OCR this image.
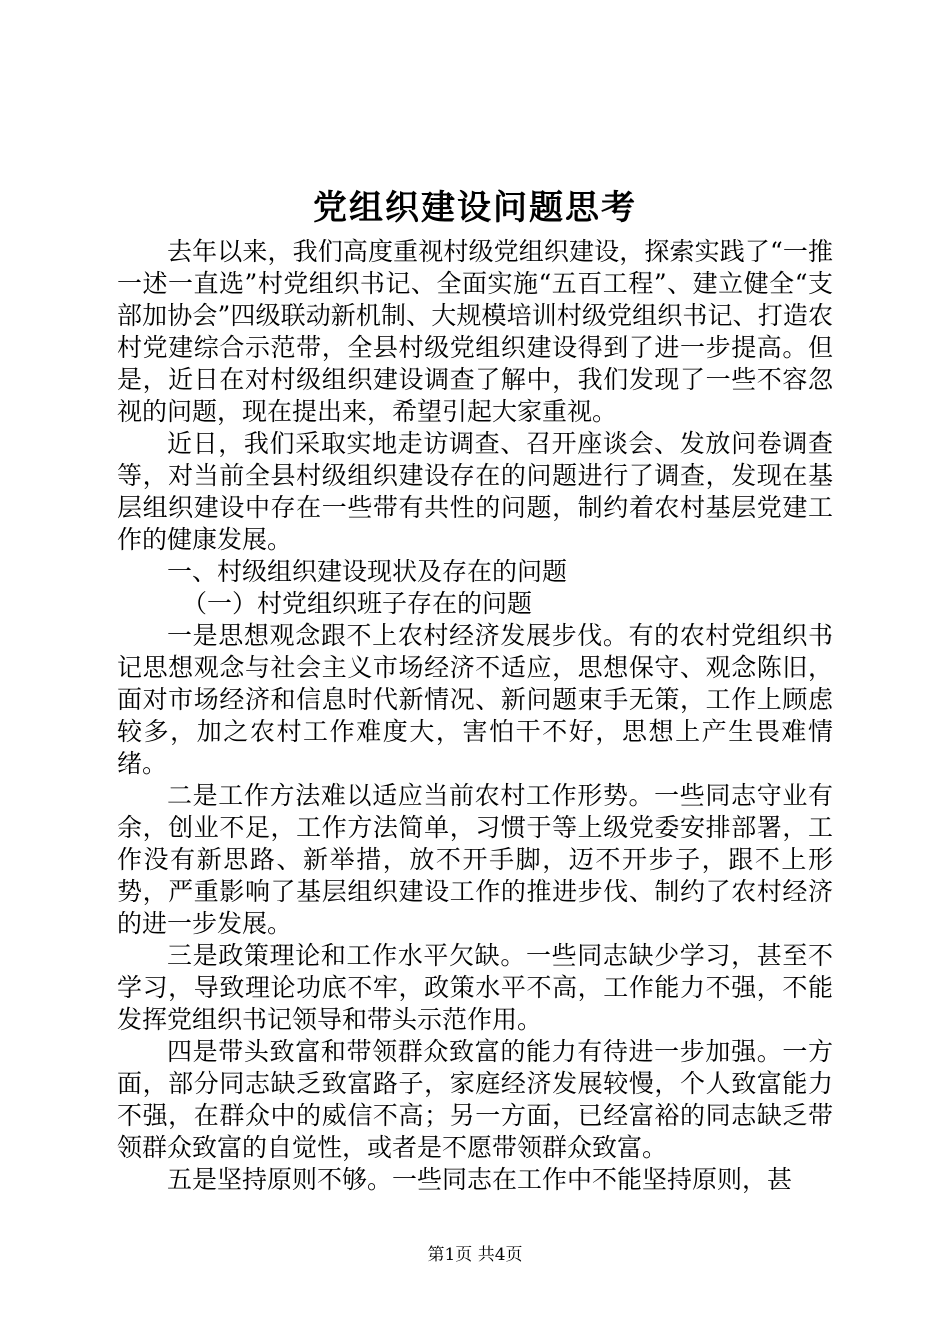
党组织建设问题思考

去年以来，我们高度重视村级党组织建设，探索实践了“一推一述一直选”村党组织书记、全面实施“五百工程”、建立健全“支部加协会”四级联动新机制、大规模培训村级党组织书记、打造农村党建综合示范带，全县村级党组织建设得到了进一步提高。但是，近日在对村级组织建设调查了解中，我们发现了一些不容忽视的问题，现在提出来，希望引起大家重视。

近日，我们采取实地走访调查、召开座谈会、发放问卷调查等，对当前全县村级组织建设存在的问题进行了调查，发现在基层组织建设中存在一些带有共性的问题，制约着农村基层党建工作的健康发展。

一、村级组织建设现状及存在的问题

（一）村党组织班子存在的问题

一是思想观念跟不上农村经济发展步伐。有的农村党组织书记思想观念与社会主义市场经济不适应，思想保守、观念陈旧，面对市场经济和信息时代新情况、新问题束手无策，工作上顾虑较多，加之农村工作难度大，害怕干不好，思想上产生畏难情绪。

二是工作方法难以适应当前农村工作形势。一些同志守业有余，创业不足，工作方法简单，习惯于等上级党委安排部署，工作没有新思路、新举措，放不开手脚，迈不开步子，跟不上形势，严重影响了基层组织建设工作的推进步伐、制约了农村经济的进一步发展。

三是政策理论和工作水平欠缺。一些同志缺少学习，甚至不学习，导致理论功底不牢，政策水平不高，工作能力不强，不能发挥党组织书记领导和带头示范作用。

四是带头致富和带领群众致富的能力有待进一步加强。一方面，部分同志缺乏致富路子，家庭经济发展较慢，个人致富能力不强，在群众中的威信不高；另一方面，已经富裕的同志缺乏带领群众致富的自觉性，或者是不愿带领群众致富。

五是坚持原则不够。一些同志在工作中不能坚持原则，甚

第1页 共4页
